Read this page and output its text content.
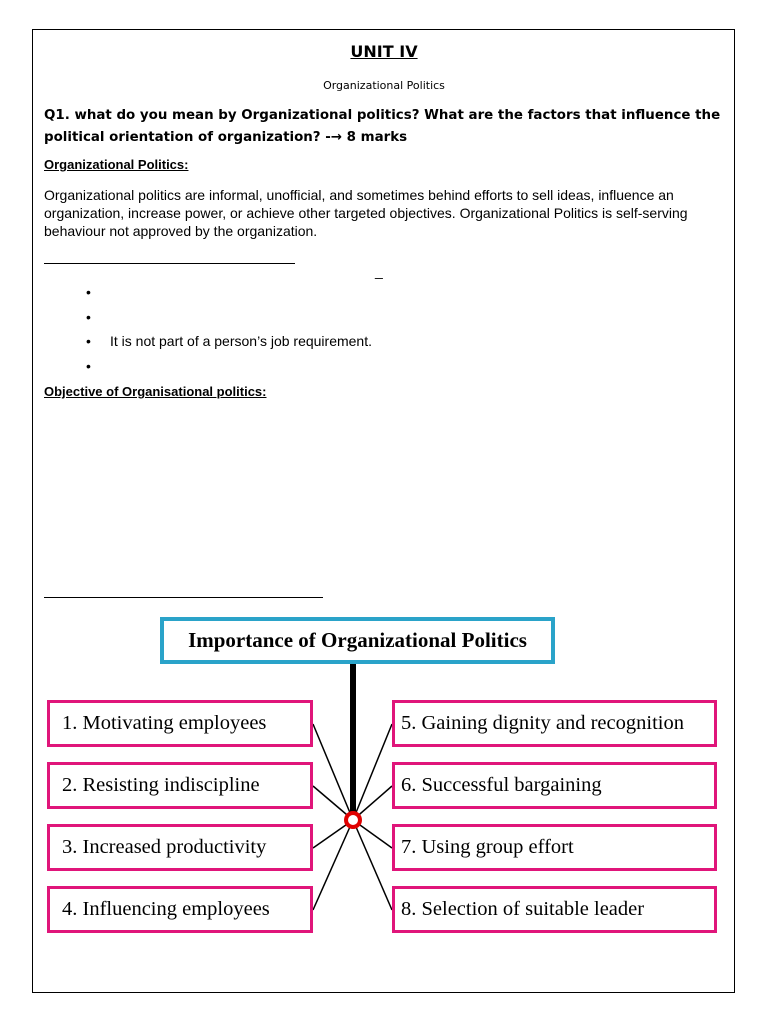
UNIT IV
Organizational Politics
Q1. what do you mean by Organizational politics? What are the factors that influence the political orientation of organization? -→ 8 marks
Organizational Politics:
Organizational politics are informal, unofficial, and sometimes behind efforts to sell ideas, influence an organization, increase power, or achieve other targeted objectives. Organizational Politics is self-serving behaviour not approved by the organization.
_
•
•
• It is not part of a person’s job requirement.
•
Objective of Organisational politics:
Importance of Organizational Politics
1. Motivating employees
2. Resisting indiscipline
3. Increased productivity
4. Influencing employees
5. Gaining dignity and recognition
6. Successful bargaining
7. Using group effort
8. Selection of suitable leader
